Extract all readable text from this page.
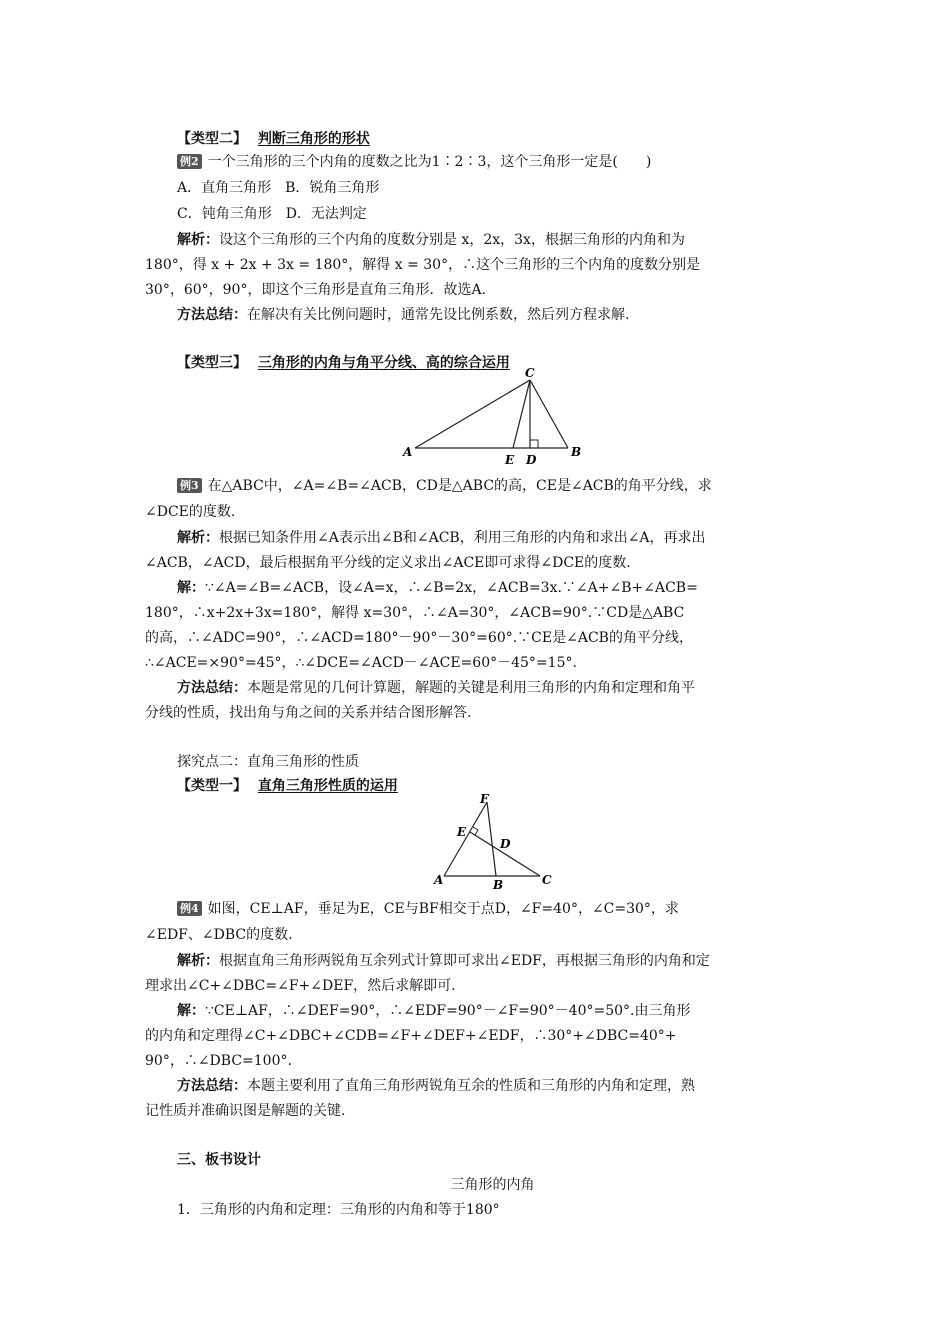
【类型二】 判断三角形的形状
例2 一个三角形的三个内角的度数之比为1∶2∶3，这个三角形一定是(　　)
A．直角三角形　B．锐角三角形
C．钝角三角形　D．无法判定
解析：设这个三角形的三个内角的度数分别是 x，2x，3x，根据三角形的内角和为
180°，得 x + 2x + 3x = 180°，解得 x = 30°，∴这个三角形的三个内角的度数分别是
30°，60°，90°，即这个三角形是直角三角形．故选A.
方法总结：在解决有关比例问题时，通常先设比例系数，然后列方程求解.
【类型三】 三角形的内角与角平分线、高的综合运用
A	B
C
E D
例3 在△ABC中，∠A=∠B=∠ACB，CD是△ABC的高，CE是∠ACB的角平分线，求
∠DCE的度数.
解析：根据已知条件用∠A表示出∠B和∠ACB，利用三角形的内角和求出∠A，再求出
∠ACB，∠ACD，最后根据角平分线的定义求出∠ACE即可求得∠DCE的度数.
解：∵∠A=∠B=∠ACB，设∠A=x，∴∠B=2x，∠ACB=3x.∵∠A+∠B+∠ACB=
180°，∴x+2x+3x=180°，解得 x=30°，∴∠A=30°，∠ACB=90°.∵CD是△ABC
的高，∴∠ADC=90°，∴∠ACD=180°－90°－30°=60°.∵CE是∠ACB的角平分线，
∴∠ACE=×90°=45°，∴∠DCE=∠ACD－∠ACE=60°－45°=15°.
方法总结：本题是常见的几何计算题，解题的关键是利用三角形的内角和定理和角平
分线的性质，找出角与角之间的关系并结合图形解答.
探究点二：直角三角形的性质
【类型一】 直角三角形性质的运用
F
E
D
A	B	C
例4 如图，CE⊥AF，垂足为E，CE与BF相交于点D，∠F=40°，∠C=30°，求
∠EDF、∠DBC的度数.
解析：根据直角三角形两锐角互余列式计算即可求出∠EDF，再根据三角形的内角和定
理求出∠C+∠DBC=∠F+∠DEF，然后求解即可.
解：∵CE⊥AF，∴∠DEF=90°，∴∠EDF=90°－∠F=90°－40°=50°.由三角形
的内角和定理得∠C+∠DBC+∠CDB=∠F+∠DEF+∠EDF，∴30°+∠DBC=40°+
90°，∴∠DBC=100°.
方法总结：本题主要利用了直角三角形两锐角互余的性质和三角形的内角和定理，熟
记性质并准确识图是解题的关键.
三、板书设计
三角形的内角
1．三角形的内角和定理：三角形的内角和等于180°
